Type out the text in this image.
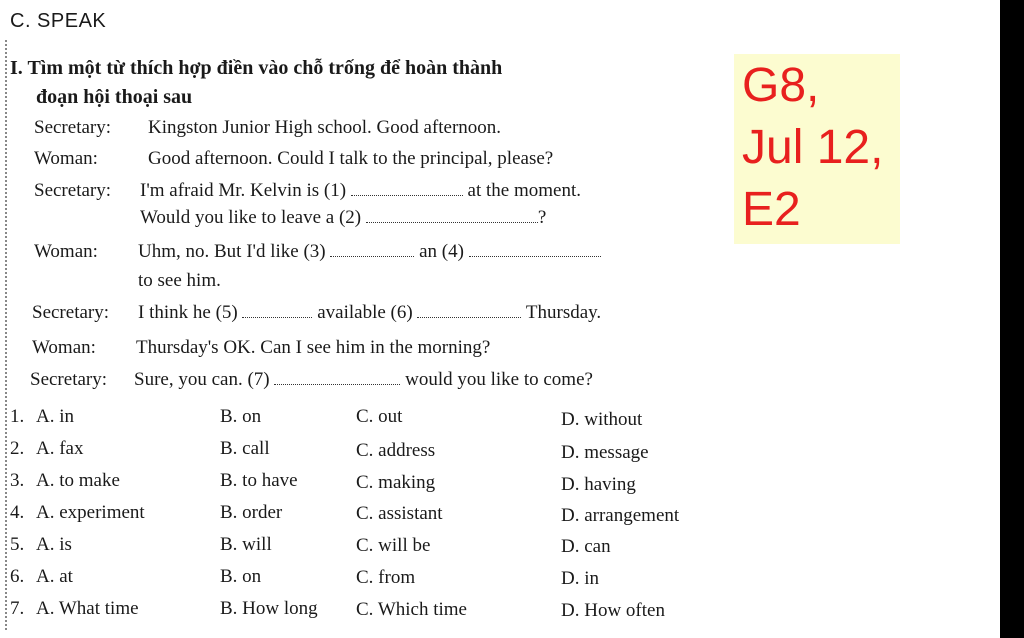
C. SPEAK
I. Tìm một từ thích hợp điền vào chỗ trống để hoàn thành
đoạn hội thoại sau
Secretary: Kingston Junior High school. Good afternoon.
Woman:	Good afternoon. Could I talk to the principal, please?
Secretary: I'm afraid Mr. Kelvin is (1)	at the moment.
Would you like to leave a (2)	?
Woman: Uhm, no. But I'd like (3)	an (4)
to see him.
Secretary: I think he (5)	available (6)	Thursday.
Woman: Thursday's OK. Can I see him in the morning?
Secretary: Sure, you can. (7)	would you like to come?
1. A. in	B. on	C. out	D. without
2. A. fax	B. call	C. address	D. message
3. A. to make	B. to have	C. making	D. having
4. A. experiment	B. order	C. assistant	D. arrangement
5. A. is	B. will	C. will be	D. can
6. A. at	B. on	C. from	D. in
7. A. What time	B. How long C. Which time	D. How often
G8,
Jul 12,
E2
